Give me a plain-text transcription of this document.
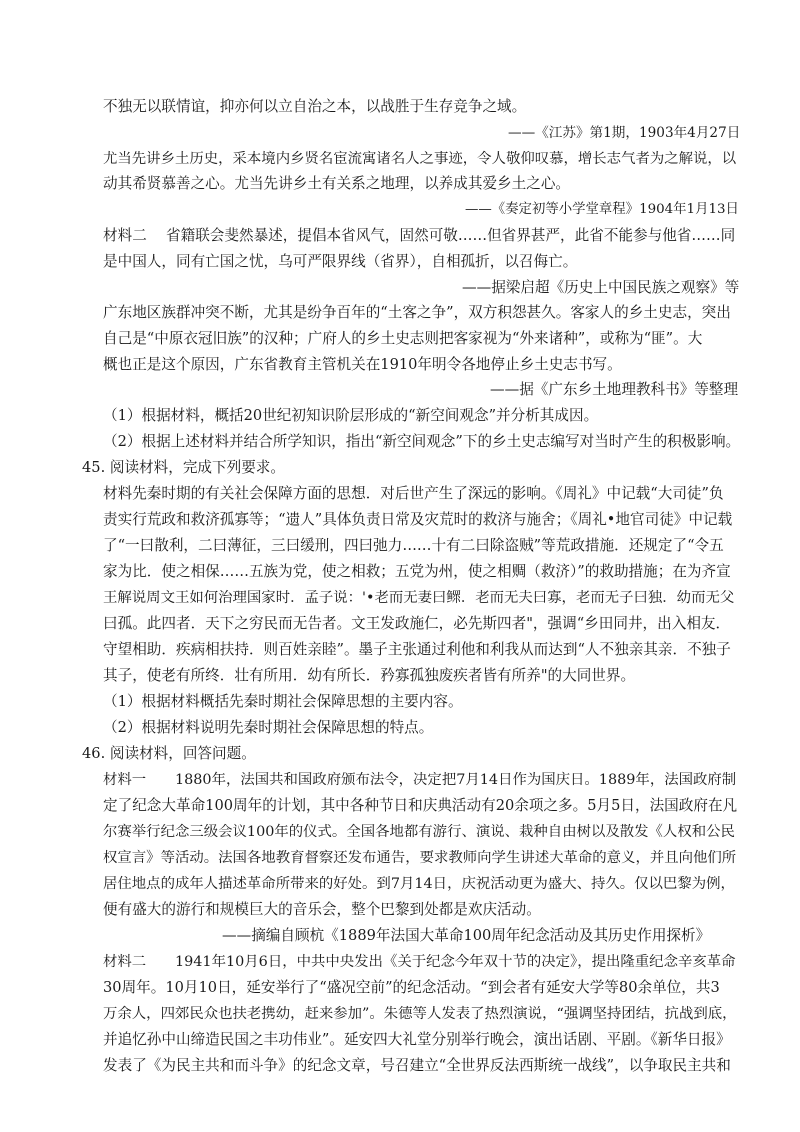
不独无以联情谊，抑亦何以立自治之本，以战胜于生存竞争之域。
——《江苏》第1期，1903年4月27日
尤当先讲乡土历史，采本境内乡贤名宦流寓诸名人之事迹，令人敬仰叹慕，增长志气者为之解说，以
动其希贤慕善之心。尤当先讲乡土有关系之地理，以养成其爱乡土之心。
——《奏定初等小学堂章程》1904年1月13日
材料二　 省籍联会斐然暴述，提倡本省风气，固然可敬……但省界甚严，此省不能参与他省……同
是中国人，同有亡国之忧，乌可严限界线（省界），自相孤折，以召侮亡。
——据梁启超《历史上中国民族之观察》等
广东地区族群冲突不断，尤其是纷争百年的“土客之争”，双方积怨甚久。客家人的乡土史志，突出
自己是“中原衣冠旧族”的汉种；广府人的乡土史志则把客家视为“外来诸种”，或称为“匪”。大
概也正是这个原因，广东省教育主管机关在1910年明令各地停止乡土史志书写。
——据《广东乡土地理教科书》等整理
（1）根据材料，概括20世纪初知识阶层形成的“新空间观念”并分析其成因。
（2）根据上述材料并结合所学知识，指出“新空间观念”下的乡土史志编写对当时产生的积极影响。
45. 阅读材料，完成下列要求。
材料先秦时期的有关社会保障方面的思想．对后世产生了深远的影响。《周礼》中记载“大司徒”负
责实行荒政和救济孤寡等；“遗人”具体负责日常及灾荒时的救济与施舍；《周礼•地官司徒》中记载
了“一曰散利，二曰薄征，三曰缓刑，四曰弛力……十有二曰除盗贼”等荒政措施．还规定了“令五
家为比．使之相保……五族为党，使之相救；五党为州，使之相赒（救济）”的救助措施；在为齐宣
王解说周文王如何治理国家时．孟子说：'•老而无妻曰鳏．老而无夫曰寡，老而无子曰独．幼而无父
曰孤。此四者．天下之穷民而无告者。文王发政施仁，必先斯四者"，强调“乡田同井，出入相友．
守望相助．疾病相扶持．则百姓亲睦”。墨子主张通过利他和利我从而达到“人不独亲其亲．不独子
其子，使老有所终．壮有所用．幼有所长．矜寡孤独废疾者皆有所养"的大同世界。
（1）根据材料概括先秦时期社会保障思想的主要内容。
（2）根据材料说明先秦时期社会保障思想的特点。
46. 阅读材料，回答问题。
材料一　　1880年，法国共和国政府颁布法令，决定把7月14日作为国庆日。1889年，法国政府制
定了纪念大革命100周年的计划，其中各种节日和庆典活动有20余项之多。5月5日，法国政府在凡
尔赛举行纪念三级会议100年的仪式。全国各地都有游行、演说、栽种自由树以及散发《人权和公民
权宣言》等活动。法国各地教育督察还发布通告，要求教师向学生讲述大革命的意义，并且向他们所
居住地点的成年人描述革命所带来的好处。到7月14日，庆祝活动更为盛大、持久。仅以巴黎为例，
便有盛大的游行和规模巨大的音乐会，整个巴黎到处都是欢庆活动。
——摘编自顾杭《1889年法国大革命100周年纪念活动及其历史作用探析》
材料二　　1941年10月6日，中共中央发出《关于纪念今年双十节的决定》，提出隆重纪念辛亥革命
30周年。10月10日，延安举行了“盛况空前”的纪念活动。“到会者有延安大学等80余单位，共3
万余人，四郊民众也扶老携幼，赶来参加”。朱德等人发表了热烈演说，“强调坚持团结，抗战到底，
并追忆孙中山缔造民国之丰功伟业”。延安四大礼堂分别举行晚会，演出话剧、平剧。《新华日报》
发表了《为民主共和而斗争》的纪念文章，号召建立“全世界反法西斯统一战线”，以争取民主共和
